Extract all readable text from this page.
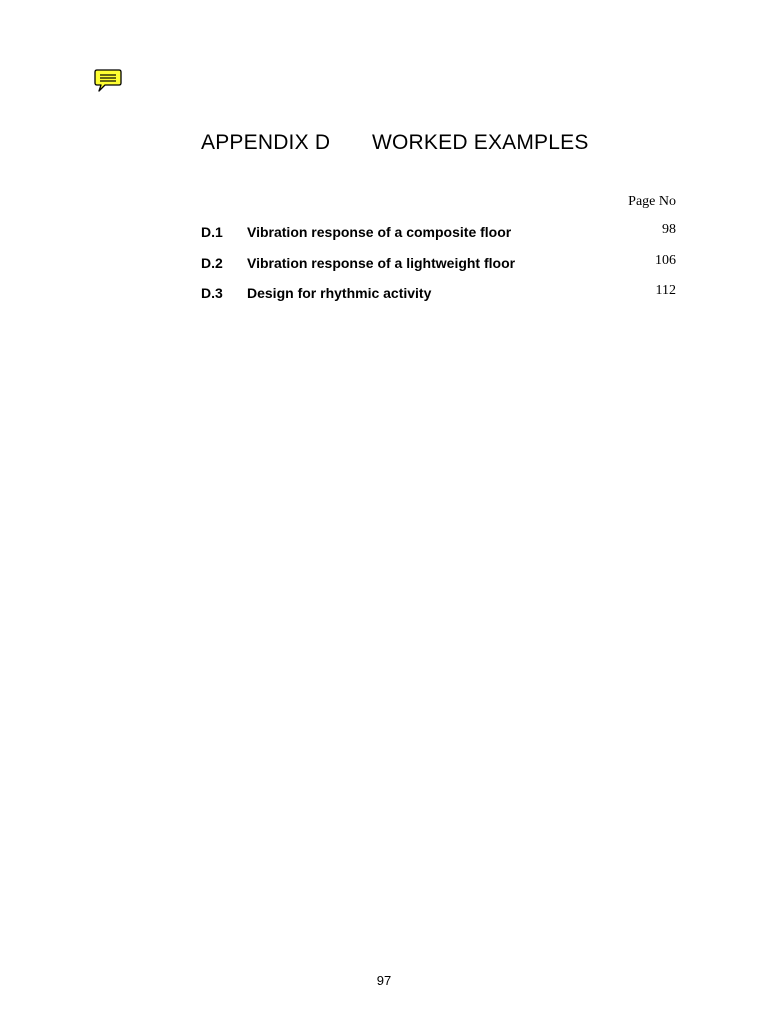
APPENDIX D WORKED EXAMPLES
Page No
D.1 Vibration response of a composite floor	98
D.2 Vibration response of a lightweight floor	106
D.3 Design for rhythmic activity	112
97
